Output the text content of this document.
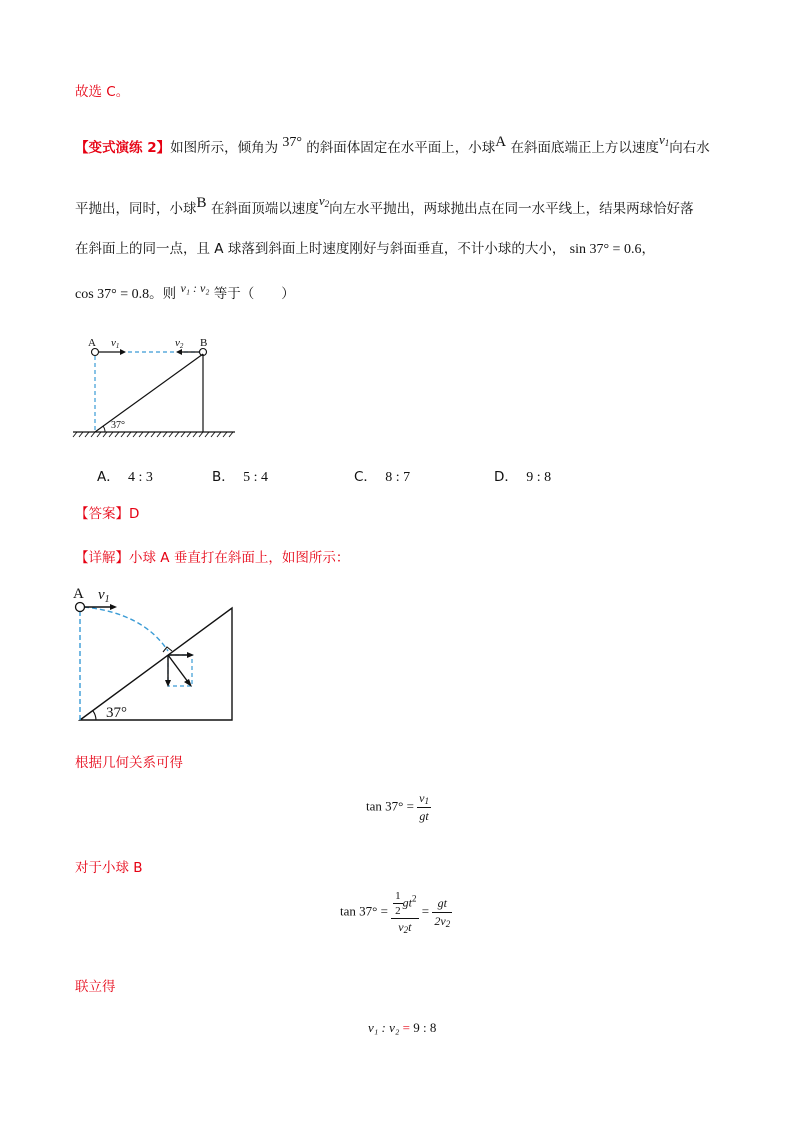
故选 C。
【变式演练 2】如图所示，倾角为 37° 的斜面体固定在水平面上，小球A 在斜面底端正上方以速度$v_1$向右水
平抛出，同时，小球B 在斜面顶端以速度$v_2$向左水平抛出，两球抛出点在同一水平线上，结果两球恰好落
在斜面上的同一点，且 A 球落到斜面上时速度刚好与斜面垂直，不计小球的大小， sin 37° = 0.6，
cos 37° = 0.8。则 v₁ : v₂ 等于（　　）
A	B
v1	v2
37°
A． 4 : 3	B． 5 : 4	C． 8 : 7	D． 9 : 8
【答案】D
【详解】小球 A 垂直打在斜面上，如图所示：
A $v_1$
37°
根据几何关系可得
$\tan 37^\circ = \frac{v_1}{gt}$
对于小球 B
$\tan 37^\circ = \frac{\frac{1}{2} gt^2}{v_2t} = \frac{gt}{2v_2}$
联立得
v₁ : v₂ = 9 : 8
